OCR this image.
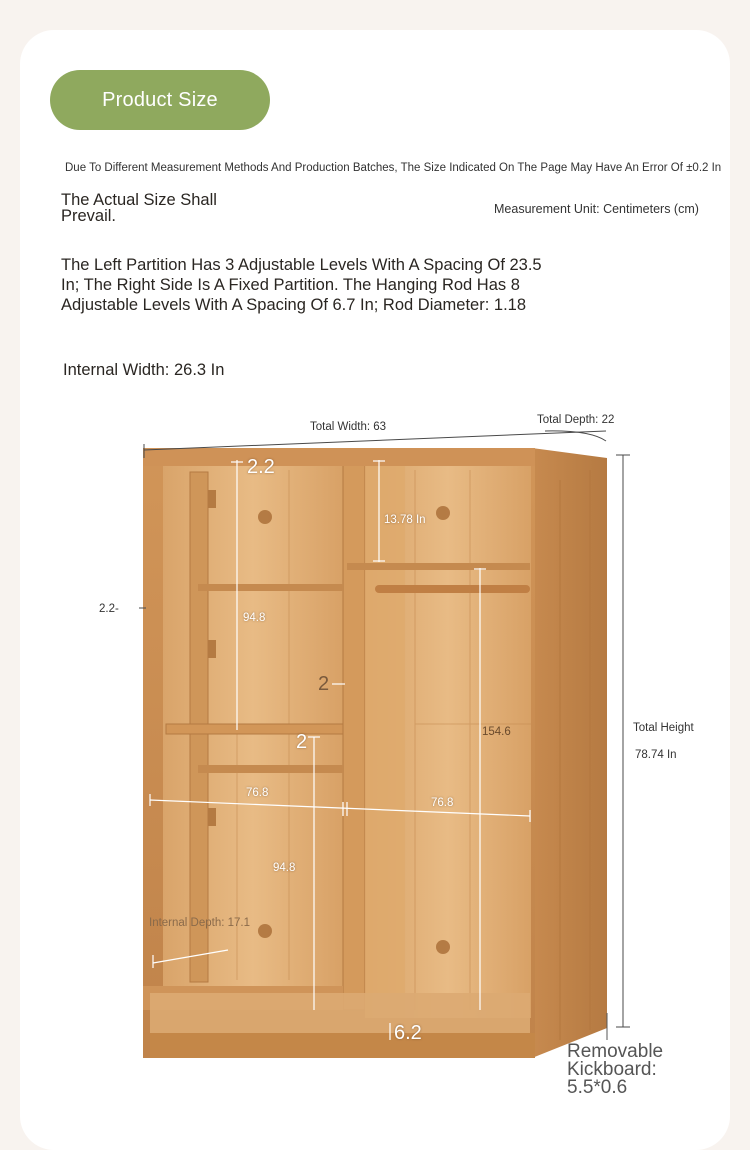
Product Size
Due To Different Measurement Methods And Production Batches, The Size Indicated On The Page May Have An Error Of ±0.2 In
The Actual Size Shall Prevail.	Measurement Unit: Centimeters (cm)
The Left Partition Has 3 Adjustable Levels With A Spacing Of 23.5 In; The Right Side Is A Fixed Partition. The Hanging Rod Has 8 Adjustable Levels With A Spacing Of 6.7 In; Rod Diameter: 1.18
Internal Width: 26.3 In
Total Width: 63
Total Depth: 22
2.2
2.2-
13.78 In
94.8
2
2	154.6
76.8
76.8
94.8
Internal Depth: 17.1
6.2
Total Height
78.74 In
Removable Kickboard: 5.5*0.6
